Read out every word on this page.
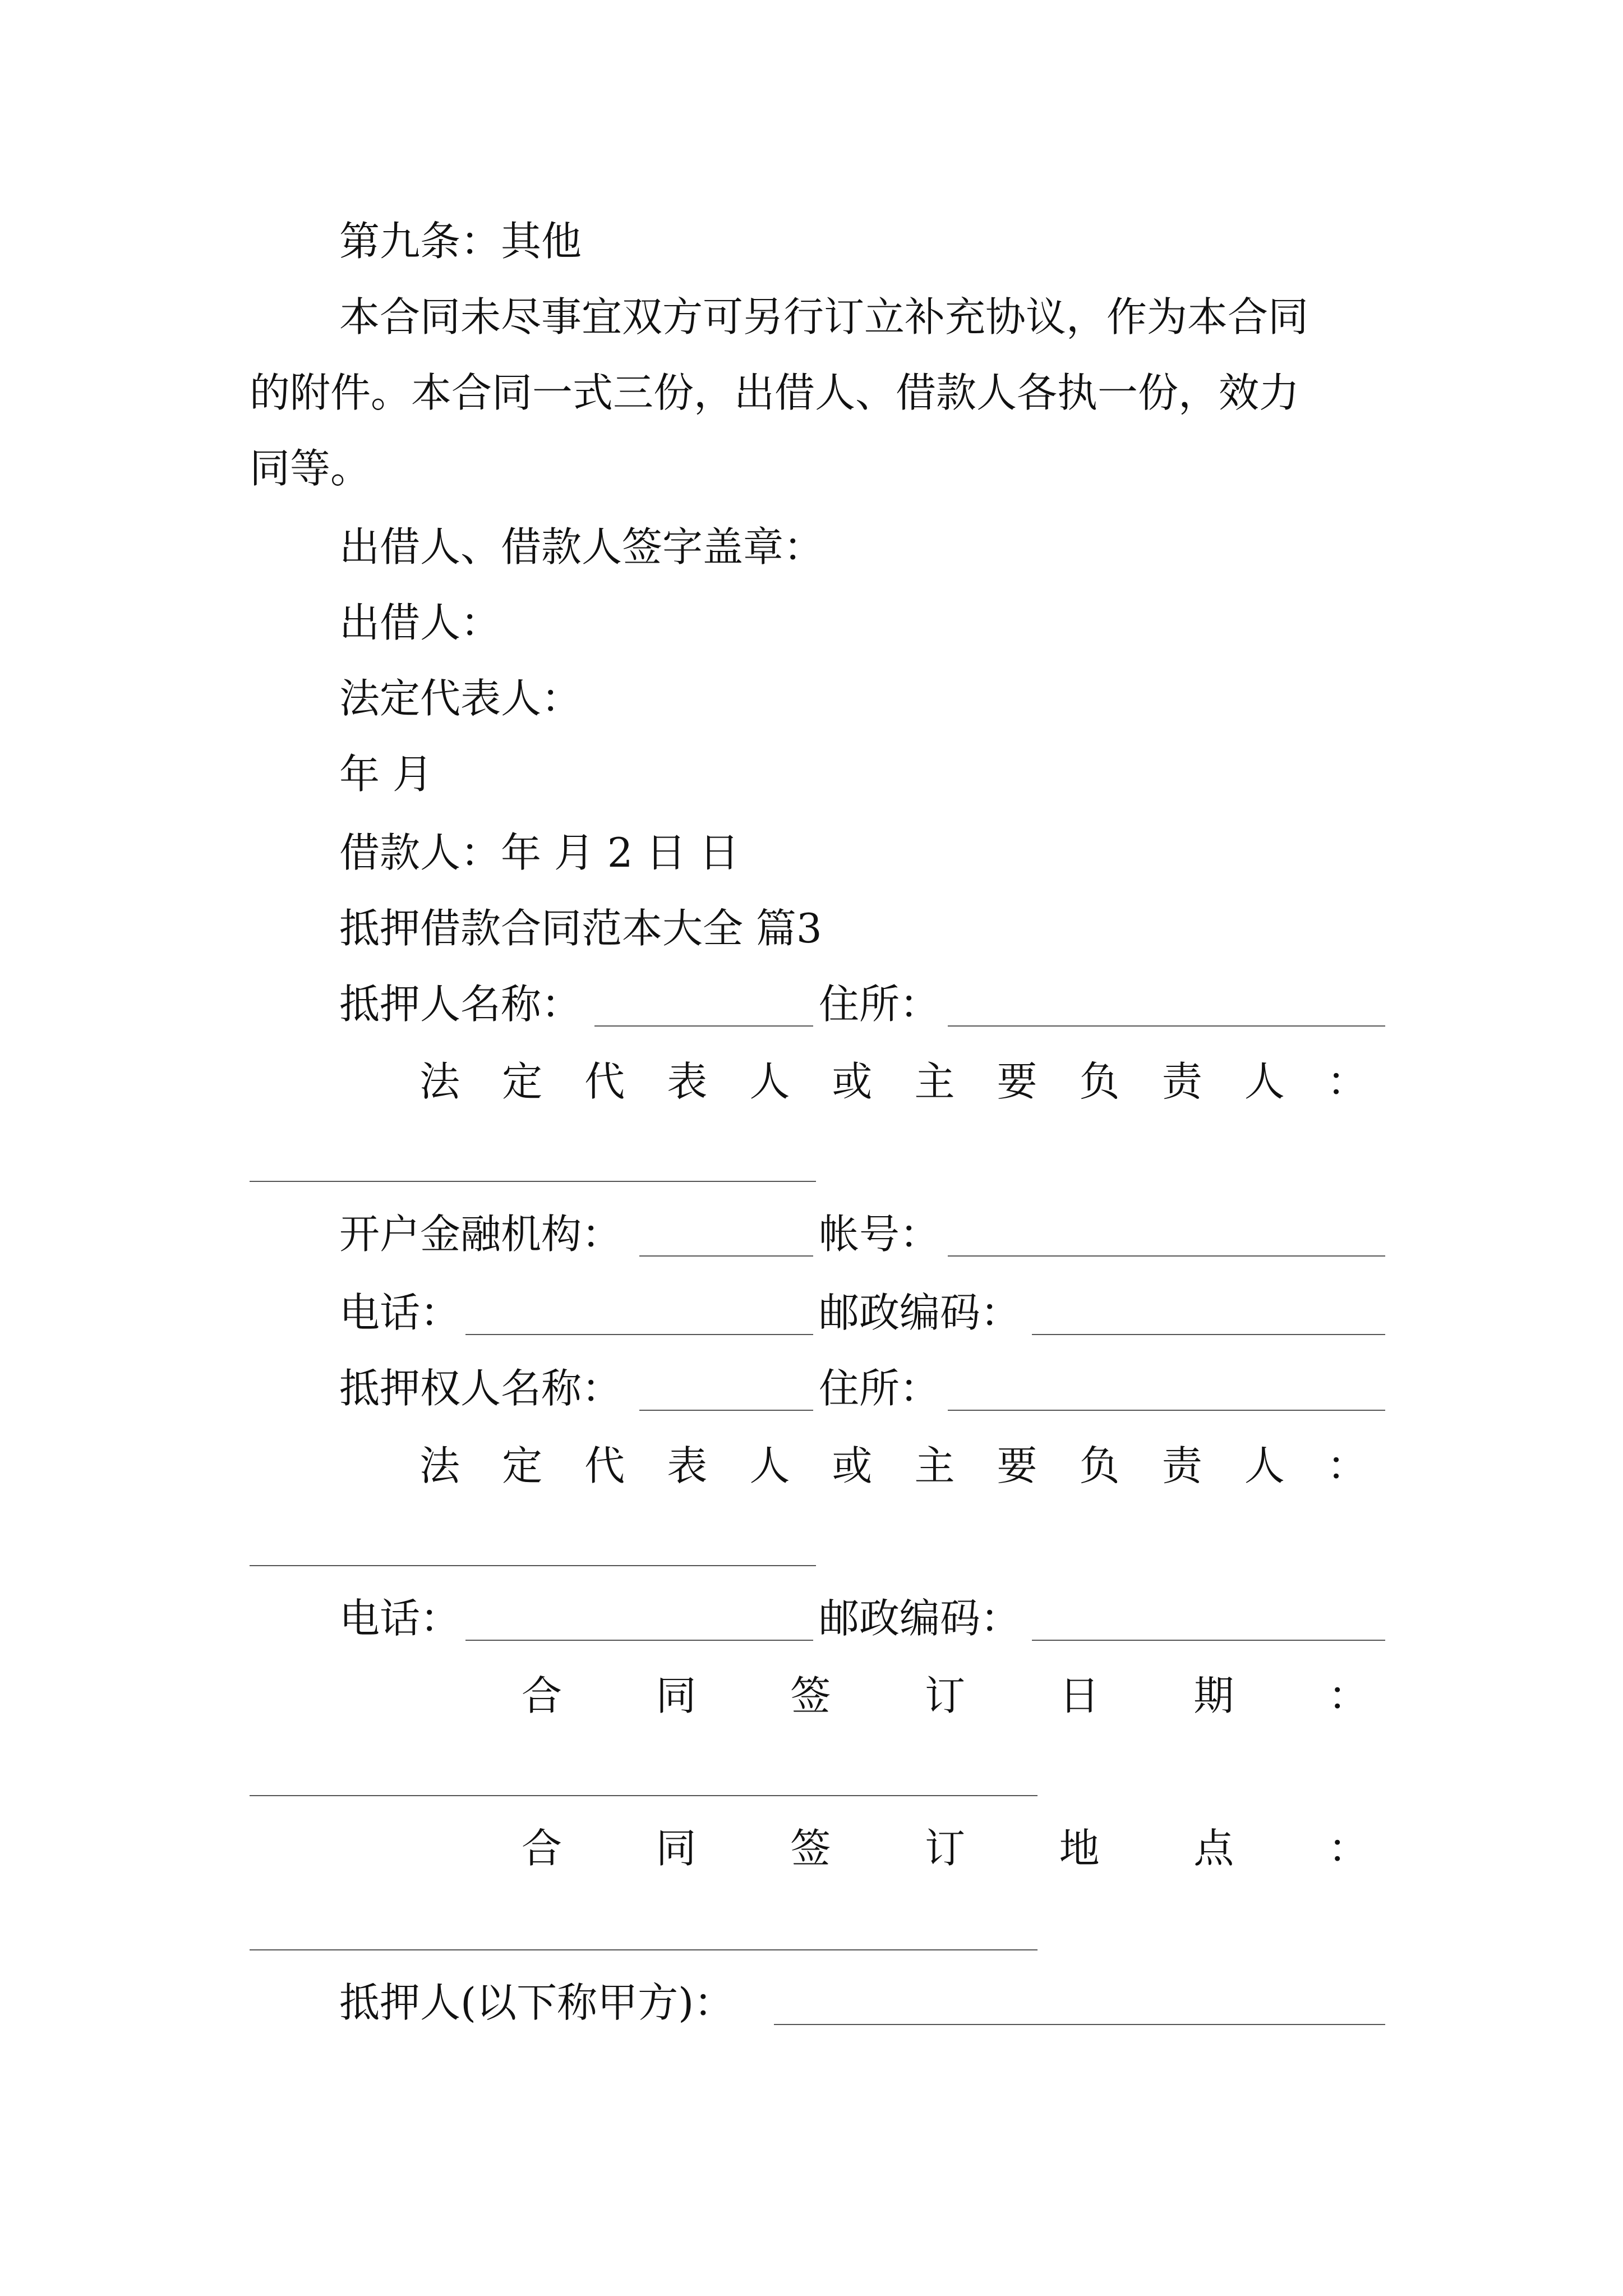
第九条：其他
本合同未尽事宜双方可另行订立补充协议，作为本合同
的附件。本合同一式三份，出借人、借款人各执一份，效力
同等。
出借人、借款人签字盖章：
出借人：
法定代表人：
年 月
借款人：年 月 2 日 日
抵押借款合同范本大全 篇3
抵押人名称：	住所：
法 定 代 表 人 或 主 要 负 责 人 ：
开户金融机构：	帐号：
电话：	邮政编码：
抵押权人名称：	住所：
法 定 代 表 人 或 主 要 负 责 人 ：
电话：	邮政编码：
合 同 签 订 日 期 ：
合 同 签 订 地 点 ：
抵押人(以下称甲方)：
